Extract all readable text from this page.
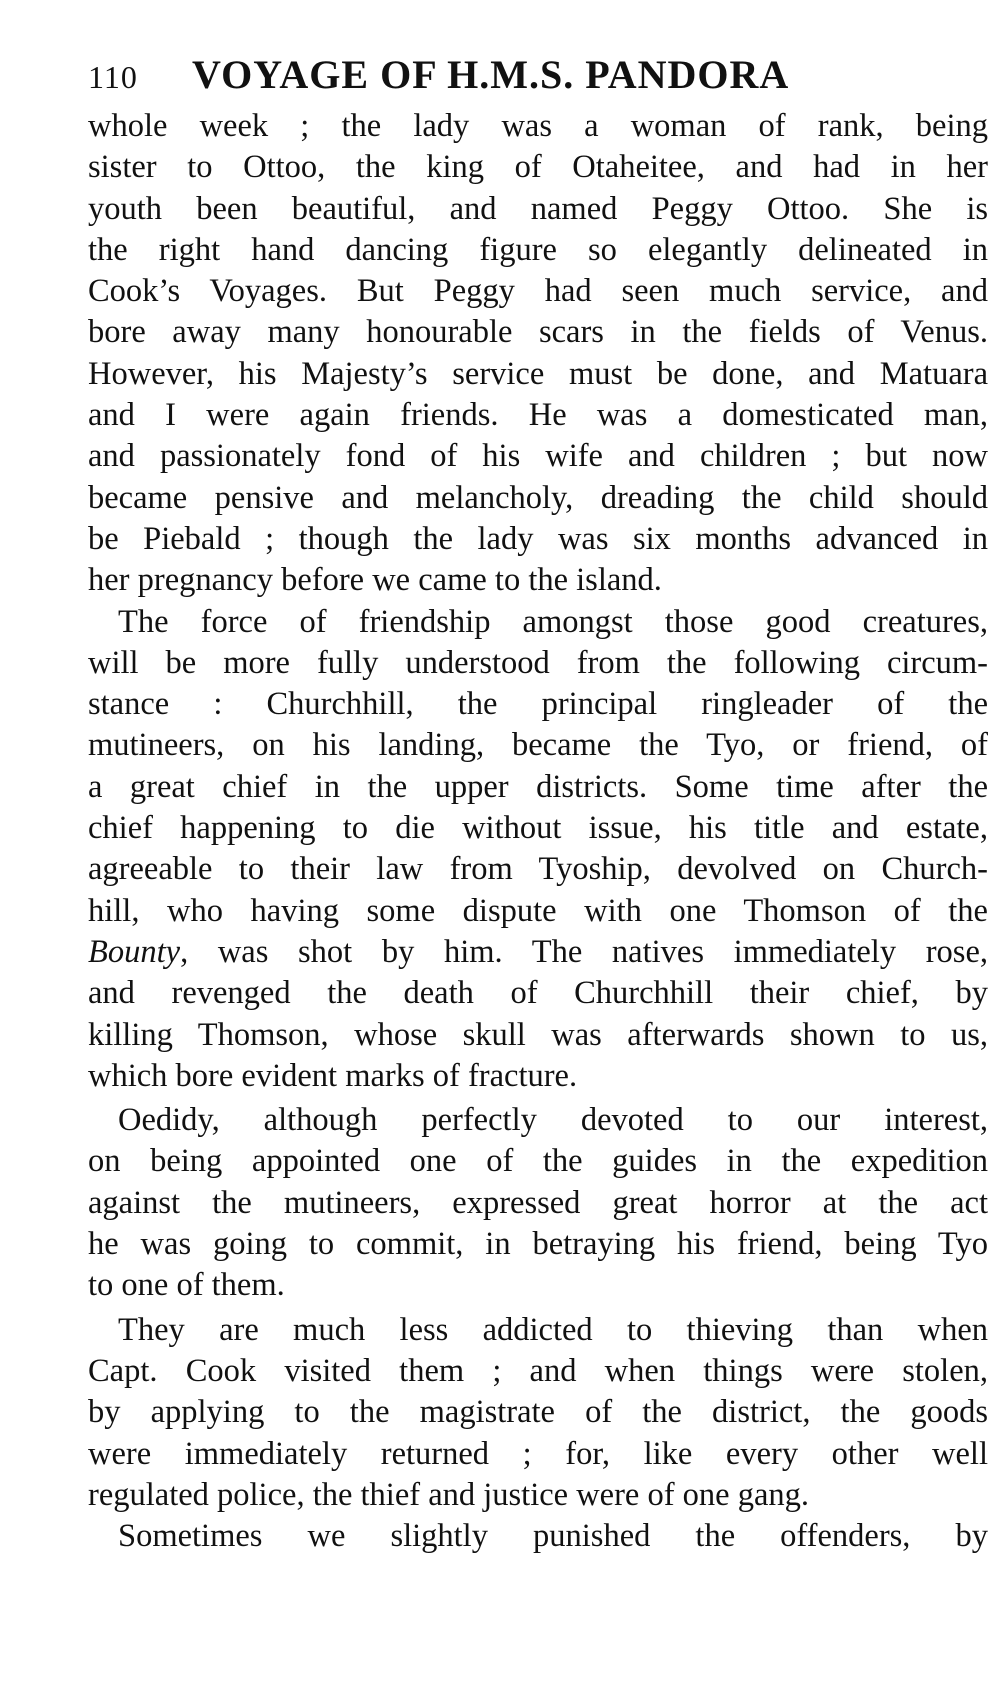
110 VOYAGE OF H.M.S. PANDORA
whole week ; the lady was a woman of rank, being
sister to Ottoo, the king of Otaheitee, and had in her
youth been beautiful, and named Peggy Ottoo. She is
the right hand dancing figure so elegantly delineated in
Cook’s Voyages. But Peggy had seen much service, and
bore away many honourable scars in the fields of Venus.
However, his Majesty’s service must be done, and Matuara
and I were again friends. He was a domesticated man,
and passionately fond of his wife and children ; but now
became pensive and melancholy, dreading the child should
be Piebald ; though the lady was six months advanced in
her pregnancy before we came to the island.
The force of friendship amongst those good creatures,
will be more fully understood from the following circum-
stance : Churchhill, the principal ringleader of the
mutineers, on his landing, became the Tyo, or friend, of
a great chief in the upper districts. Some time after the
chief happening to die without issue, his title and estate,
agreeable to their law from Tyoship, devolved on Church-
hill, who having some dispute with one Thomson of the
Bounty, was shot by him. The natives immediately rose,
and revenged the death of Churchhill their chief, by
killing Thomson, whose skull was afterwards shown to us,
which bore evident marks of fracture.
Oedidy, although perfectly devoted to our interest,
on being appointed one of the guides in the expedition
against the mutineers, expressed great horror at the act
he was going to commit, in betraying his friend, being Tyo
to one of them.
They are much less addicted to thieving than when
Capt. Cook visited them ; and when things were stolen,
by applying to the magistrate of the district, the goods
were immediately returned ; for, like every other well
regulated police, the thief and justice were of one gang.
Sometimes we slightly punished the offenders, by
